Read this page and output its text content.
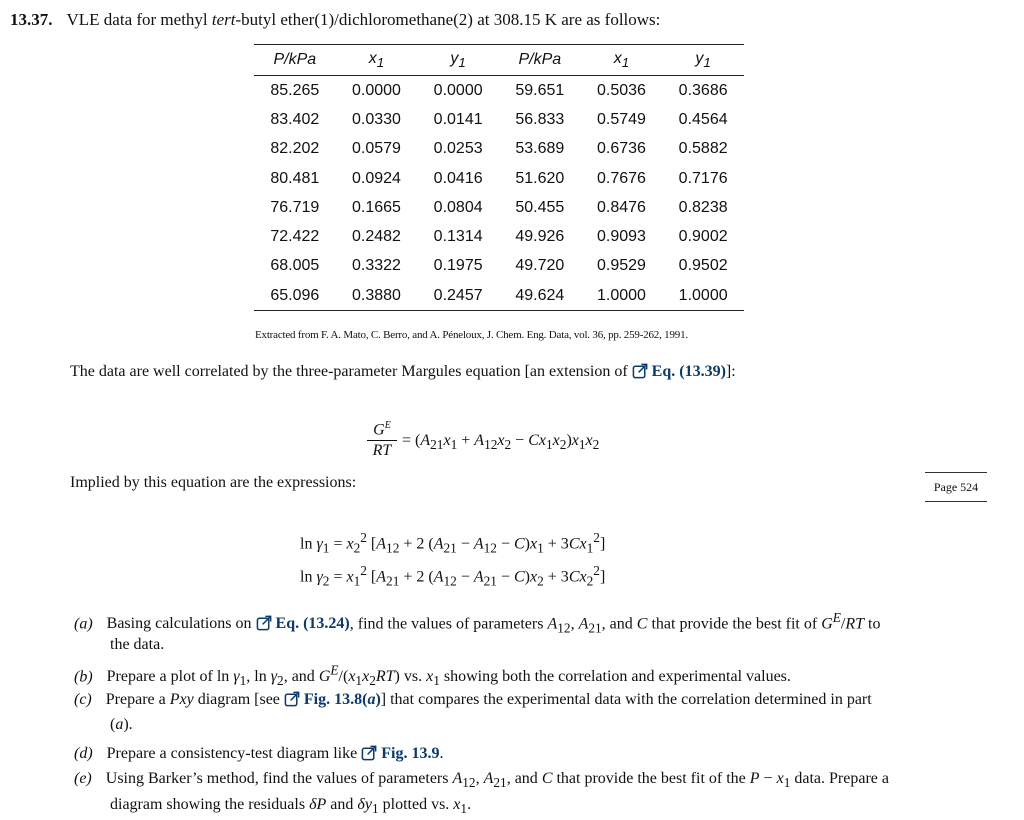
13.37. VLE data for methyl tert-butyl ether(1)/dichloromethane(2) at 308.15 K are as follows:
P/kPa	$x_1$	$y_1$	P/kPa	$x_1$	$y_1$
85.265	0.0000	0.0000	59.651	0.5036	0.3686
83.402	0.0330	0.0141	56.833	0.5749	0.4564
82.202	0.0579	0.0253	53.689	0.6736	0.5882
80.481	0.0924	0.0416	51.620	0.7676	0.7176
76.719	0.1665	0.0804	50.455	0.8476	0.8238
72.422	0.2482	0.1314	49.926	0.9093	0.9002
68.005	0.3322	0.1975	49.720	0.9529	0.9502
65.096	0.3880	0.2457	49.624	1.0000	1.0000
Extracted from F. A. Mato, C. Berro, and A. Péneloux, J. Chem. Eng. Data, vol. 36, pp. 259-262, 1991.
The data are well correlated by the three-parameter Margules equation [an extension of Eq. (13.39)]:
$\frac{G^E}{RT} = (A_{21}x_1 + A_{12}x_2 - Cx_1x_2)x_1x_2$
Implied by this equation are the expressions:	Page 524
$\ln \gamma_1 = x_2^2$ [$A_{12} + 2$ $(A_{21} - A_{12} - C)x_1 + 3Cx_1^2$]
$\ln \gamma_2 = x_1^2$ [$A_{21} + 2$ $(A_{12} - A_{21} - C)x_2 + 3Cx_2^2$]
(a) Basing calculations on Eq. (13.24), find the values of parameters $A_{12}$, $A_{21}$, and C that provide the best fit of $G^E/RT$ to
the data.
(b) Prepare a plot of $\ln \gamma_1$, $\ln \gamma_2$, and $G^E/(x_1x_2RT)$ vs. $x_1$ showing both the correlation and experimental values.
(c) Prepare a Pxy diagram [see Fig. 13.8(a)] that compares the experimental data with the correlation determined in part
(a).
(d) Prepare a consistency-test diagram like Fig. 13.9.
(e) Using Barker’s method, find the values of parameters $A_{12}$, $A_{21}$, and C that provide the best fit of the $P - x_1$ data. Prepare a
diagram showing the residuals δP and $\delta y_1$ plotted vs. $x_1$.
